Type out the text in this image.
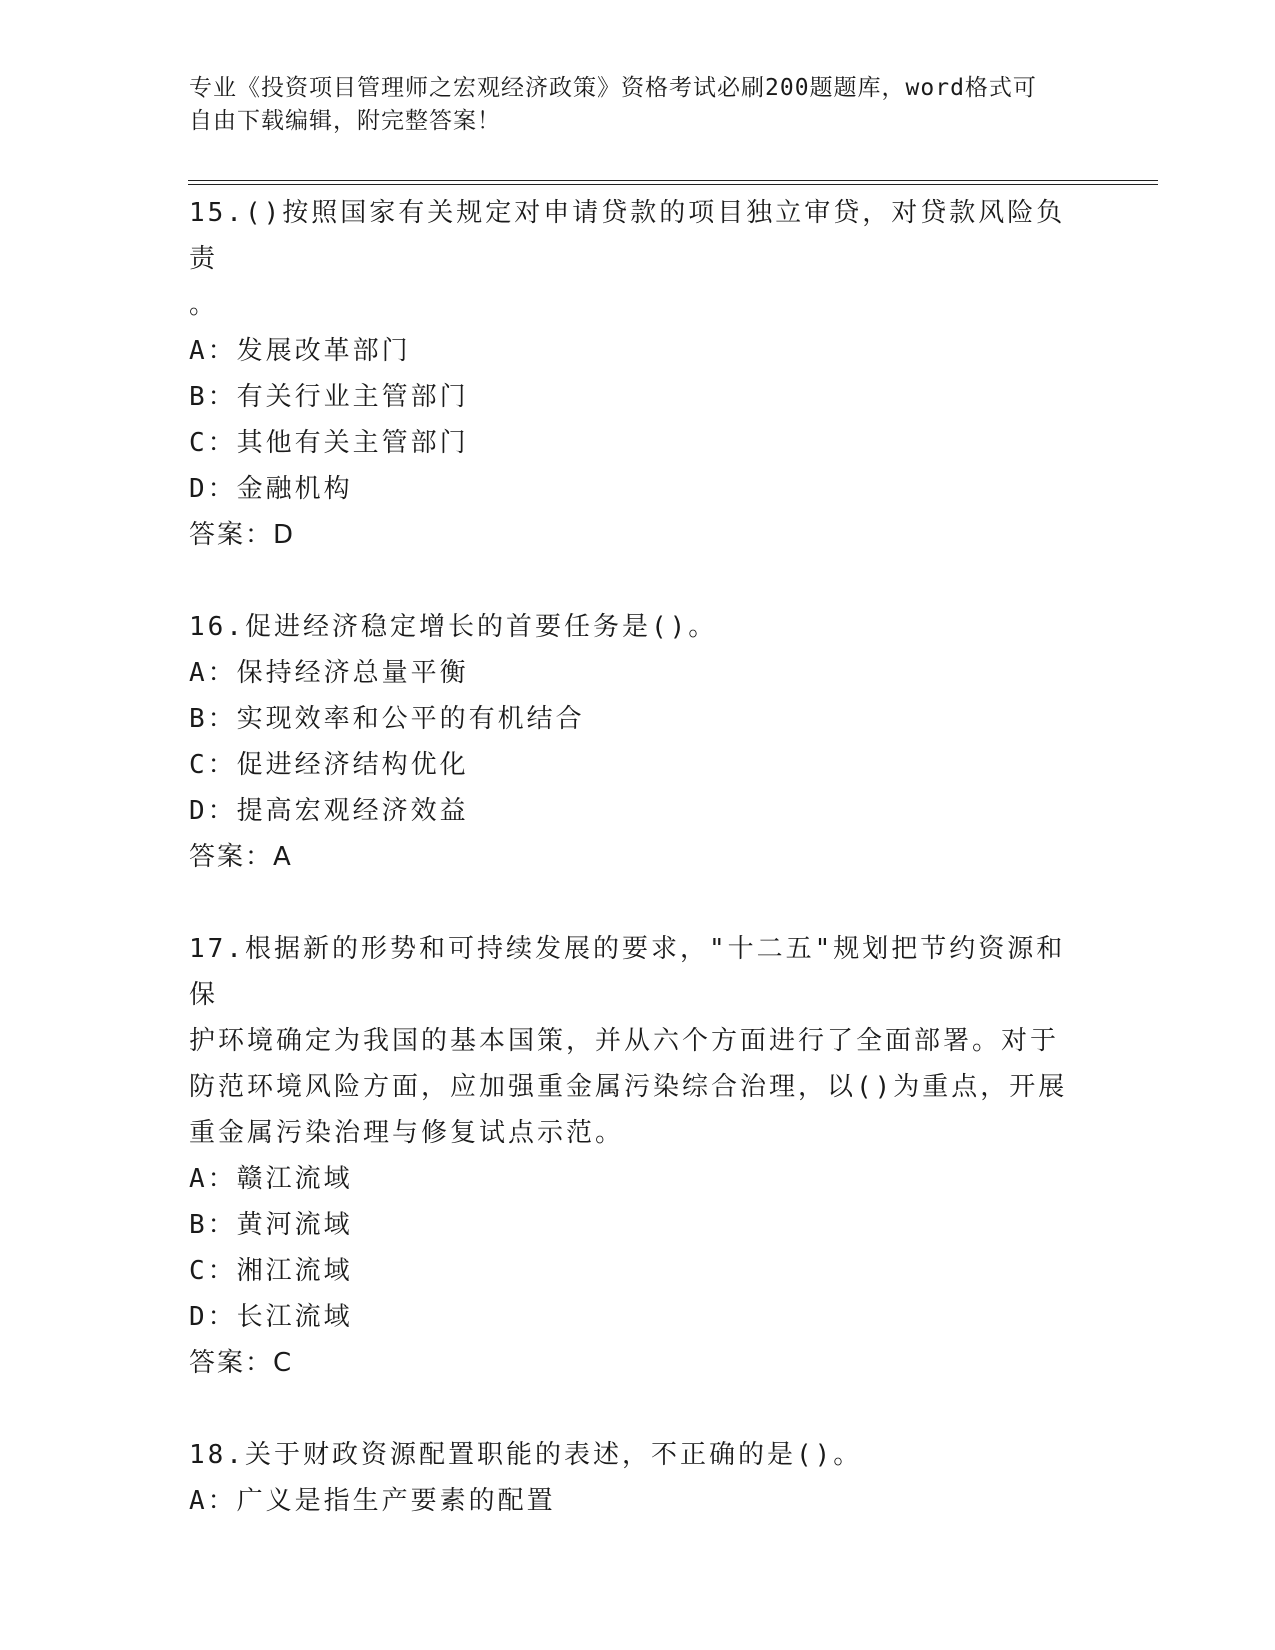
专业《投资项目管理师之宏观经济政策》资格考试必刷200题题库，word格式可
自由下载编辑，附完整答案！
15.()按照国家有关规定对申请贷款的项目独立审贷，对贷款风险负责
。
A：发展改革部门
B：有关行业主管部门
C：其他有关主管部门
D：金融机构
答案：D
16.促进经济稳定增长的首要任务是()。
A：保持经济总量平衡
B：实现效率和公平的有机结合
C：促进经济结构优化
D：提高宏观经济效益
答案：A
17.根据新的形势和可持续发展的要求，"十二五"规划把节约资源和保
护环境确定为我国的基本国策，并从六个方面进行了全面部署。对于
防范环境风险方面，应加强重金属污染综合治理，以()为重点，开展
重金属污染治理与修复试点示范。
A：赣江流域
B：黄河流域
C：湘江流域
D：长江流域
答案：C
18.关于财政资源配置职能的表述，不正确的是()。
A：广义是指生产要素的配置
